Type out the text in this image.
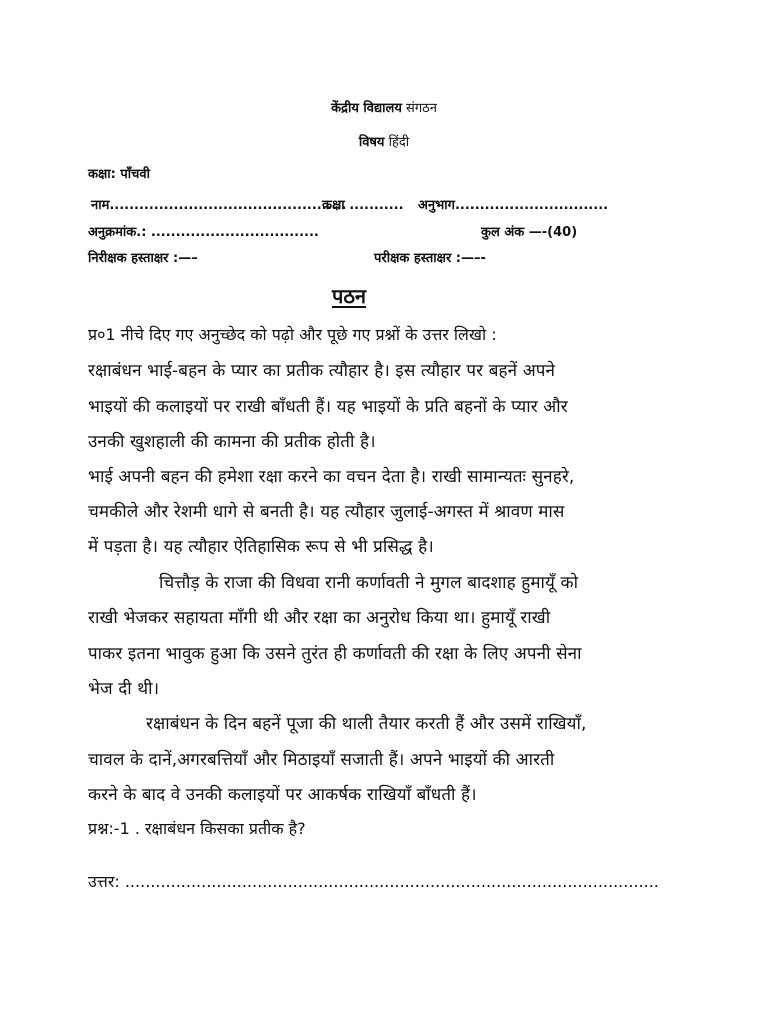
केंद्रीय विद्यालय संगठन
विषय हिंदी
कक्षा: पाँचवी
नाम................................................
कक्षा ........... अनुभाग...............................
अनुक्रमांक.: ..................................	कुल अंक —-(40)
निरीक्षक हस्ताक्षर :—–	परीक्षक हस्ताक्षर :—–-
पठन
प्र०1 नीचे दिए गए अनुच्छेद को पढ़ो और पूछे गए प्रश्नों के उत्तर लिखो :
रक्षाबंधन भाई-बहन के प्यार का प्रतीक त्यौहार है। इस त्यौहार पर बहनें अपने
भाइयों की कलाइयों पर राखी बाँधती हैं। यह भाइयों के प्रति बहनों के प्यार और
उनकी खुशहाली की कामना की प्रतीक होती है।
भाई अपनी बहन की हमेशा रक्षा करने का वचन देता है। राखी सामान्यतः सुनहरे,
चमकीले और रेशमी धागे से बनती है। यह त्यौहार जुलाई-अगस्त में श्रावण मास
में पड़ता है। यह त्यौहार ऐतिहासिक रूप से भी प्रसिद्ध है।
चित्तौड़ के राजा की विधवा रानी कर्णावती ने मुगल बादशाह हुमायूँ को
राखी भेजकर सहायता माँगी थी और रक्षा का अनुरोध किया था। हुमायूँ राखी
पाकर इतना भावुक हुआ कि उसने तुरंत ही कर्णावती की रक्षा के लिए अपनी सेना
भेज दी थी।
रक्षाबंधन के दिन बहनें पूजा की थाली तैयार करती हैं और उसमें राखियाँ,
चावल के दानें,अगरबत्तियाँ और मिठाइयाँ सजाती हैं। अपने भाइयों की आरती
करने के बाद वे उनकी कलाइयों पर आकर्षक राखियाँ बाँधती हैं।
प्रश्न:-1 . रक्षाबंधन किसका प्रतीक है?
उत्तर: .........................................................................................................
